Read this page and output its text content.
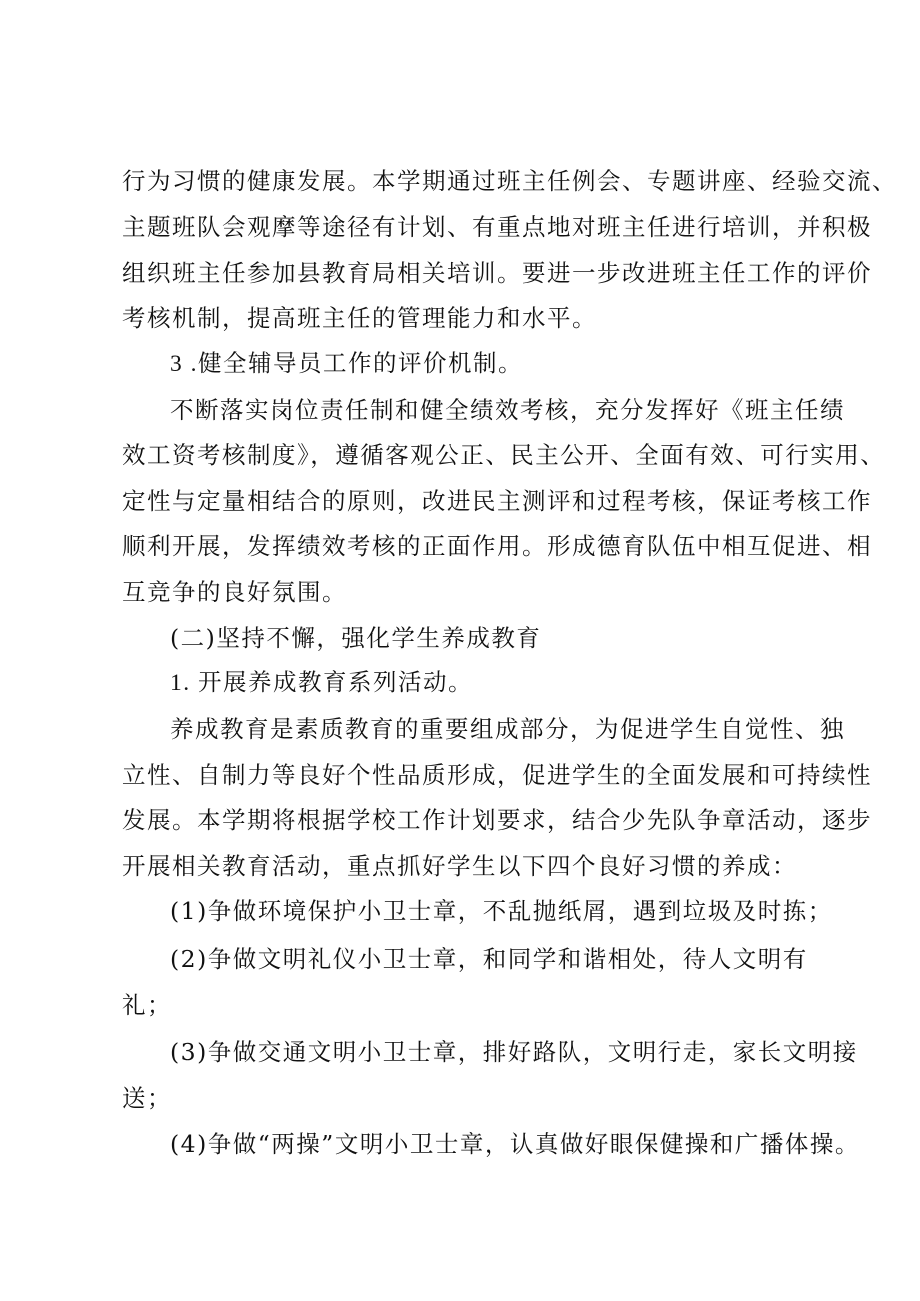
行为习惯的健康发展。本学期通过班主任例会、专题讲座、经验交流、
主题班队会观摩等途径有计划、有重点地对班主任进行培训，并积极
组织班主任参加县教育局相关培训。要进一步改进班主任工作的评价
考核机制，提高班主任的管理能力和水平。
3 .健全辅导员工作的评价机制。
不断落实岗位责任制和健全绩效考核，充分发挥好《班主任绩
效工资考核制度》，遵循客观公正、民主公开、全面有效、可行实用、
定性与定量相结合的原则，改进民主测评和过程考核，保证考核工作
顺利开展，发挥绩效考核的正面作用。形成德育队伍中相互促进、相
互竞争的良好氛围。
(二)坚持不懈，强化学生养成教育
1. 开展养成教育系列活动。
养成教育是素质教育的重要组成部分，为促进学生自觉性、独
立性、自制力等良好个性品质形成，促进学生的全面发展和可持续性
发展。本学期将根据学校工作计划要求，结合少先队争章活动，逐步
开展相关教育活动，重点抓好学生以下四个良好习惯的养成：
(1)争做环境保护小卫士章，不乱抛纸屑，遇到垃圾及时拣；
(2)争做文明礼仪小卫士章，和同学和谐相处，待人文明有
礼；
(3)争做交通文明小卫士章，排好路队，文明行走，家长文明接
送；
(4)争做“两操”文明小卫士章，认真做好眼保健操和广播体操。
